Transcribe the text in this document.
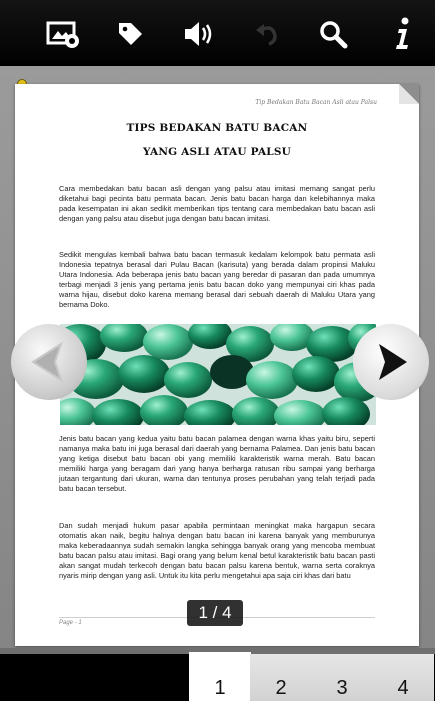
Tip Bedakan Batu Bacan Asli atau Palsu
TIPS BEDAKAN BATU BACAN
YANG ASLI ATAU PALSU

Cara membedakan batu bacan asli dengan yang palsu atau imitasi memang sangat perlu diketahui bagi pecinta batu permata bacan. Jenis batu bacan harga dan kelebihannya maka pada kesempatan ini akan sedikit memberikan tips tentang cara membedakan batu bacan asli dengan yang palsu atau disebut juga dengan batu bacan imitasi.

Sedikit mengulas kembali bahwa batu bacan termasuk kedalam kelompok batu permata asli Indonesia tepatnya berasal dari Pulau Bacan (karisuta) yang berada dalam propinsi Maluku Utara Indonesia. Ada beberapa jenis batu bacan yang beredar di pasaran dan pada umumnya terbagi menjadi 3 jenis yang pertama jenis batu bacan doko yang mempunyai ciri khas pada warna hijau, disebut doko karena memang berasal dari sebuah daerah di Maluku Utara yang bernama Doko.

Jenis batu bacan yang kedua yaitu batu bacan palamea dengan warna khas yaitu biru, seperti namanya maka batu ini juga berasal dari daerah yang bernama Palamea. Dan jenis batu bacan yang ketiga disebut batu bacan obi yang memiliki karakteristik warna merah. Batu bacan memiliki harga yang beragam dari yang hanya berharga ratusan ribu sampai yang berharga jutaan tergantung dari ukuran, warna dan tentunya proses perubahan yang telah terjadi pada batu bacan tersebut.

Dan sudah menjadi hukum pasar apabila permintaan meningkat maka hargapun secara otomatis akan naik, begitu halnya dengan batu bacan ini karena banyak yang memburunya maka keberadaannya sudah semakin langka sehingga banyak orang yang mencoba membuat batu bacan palsu atau imitasi. Bagi orang yang belum kenal betul karakteristik batu bacan pasti akan sangat mudah terkecoh dengan batu bacan palsu karena bentuk, warna serta coraknya nyaris mirip dengan yang asli. Untuk itu kita perlu mengetahui apa saja ciri khas dari batu

Page - 1
1 / 4
1	2	3	4
